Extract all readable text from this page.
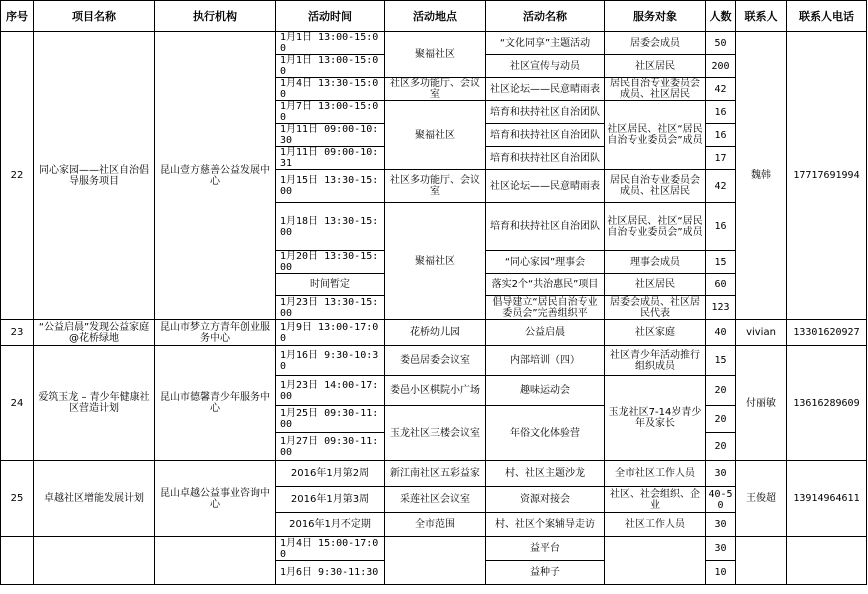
序号	项目名称	执行机构	活动时间	活动地点	活动名称	服务对象	人数	联系人	联系人电话
22	同心家园——社区自治倡导服务项目	昆山壹方慈善公益发展中心	1月1日 13:00-15:00	聚福社区	“文化同享”主题活动	居委会成员	50	魏韩	17717691994
			1月1日 13:00-15:00		社区宣传与动员	社区居民	200		
			1月4日 13:30-15:00	社区多功能厅、会议室	社区论坛——民意晴雨表	居民自治专业委员会成员、社区居民	42		
			1月7日 13:00-15:00	聚福社区	培育和扶持社区自治团队	社区居民、社区“居民自治专业委员会”成员	16		
			1月11日 09:00-10:30		培育和扶持社区自治团队		16		
			1月11日 09:00-10:31		培育和扶持社区自治团队		17		
			1月15日 13:30-15:00	社区多功能厅、会议室	社区论坛——民意晴雨表	居民自治专业委员会成员、社区居民	42		
			1月18日 13:30-15:00	聚福社区	培育和扶持社区自治团队	社区居民、社区“居民自治专业委员会”成员	16		
			1月20日 13:30-15:00		“同心家园”理事会	理事会成员	15		
			时间暂定		落实2个“共治惠民”项目	社区居民	60		
			1月23日 13:30-15:00		倡导建立“居民自治专业委员会”完善组织平	居委会成员、社区居民代表	123		
23	“公益启晨”发现公益家庭@花桥绿地	昆山市梦立方青年创业服务中心	1月9日 13:00-17:00	花桥幼儿园	公益启晨	社区家庭	40	vivian	13301620927
24	爱筑玉龙 – 青少年健康社区营造计划	昆山市德馨青少年服务中心	1月16日 9:30-10:30	娄邑居委会议室	内部培训（四）	社区青少年活动推行组织成员	15	付丽敏	13616289609
			1月23日 14:00-17:00	娄邑小区棋院小广场	趣味运动会	玉龙社区7-14岁青少年及家长	20		
			1月25日 09:30-11:00	玉龙社区三楼会议室	年俗文化体验营		20		
			1月27日 09:30-11:00				20		
25	卓越社区增能发展计划	昆山卓越公益事业咨询中心	2016年1月第2周	新江南社区五彩益家	村、社区主题沙龙	全市社区工作人员	30	王俊超	13914964611
			2016年1月第3周	采莲社区会议室	资源对接会	社区、社会组织、企业	40-50		
			2016年1月不定期	全市范围	村、社区个案辅导走访	社区工作人员	30		
			1月4日 15:00-17:00		益平台		30		
			1月6日 9:30-11:30		益种子		10		
